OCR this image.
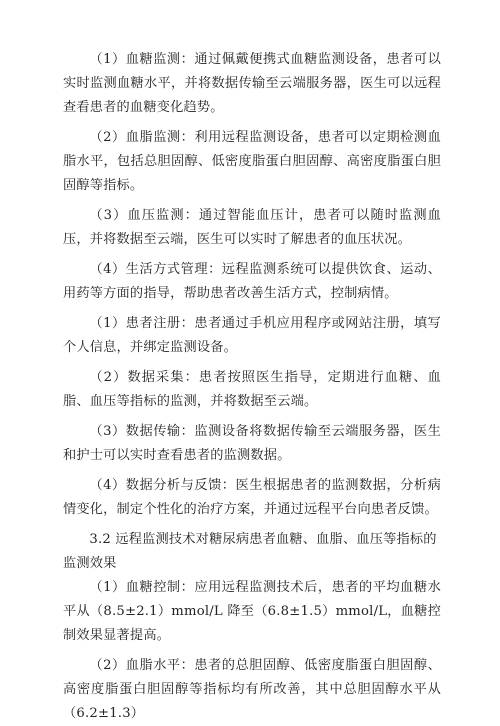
（1）血糖监测：通过佩戴便携式血糖监测设备，患者可以实时监测血糖水平，并将数据传输至云端服务器，医生可以远程查看患者的血糖变化趋势。

（2）血脂监测：利用远程监测设备，患者可以定期检测血脂水平，包括总胆固醇、低密度脂蛋白胆固醇、高密度脂蛋白胆固醇等指标。

（3）血压监测：通过智能血压计，患者可以随时监测血压，并将数据至云端，医生可以实时了解患者的血压状况。

（4）生活方式管理：远程监测系统可以提供饮食、运动、用药等方面的指导，帮助患者改善生活方式，控制病情。

（1）患者注册：患者通过手机应用程序或网站注册，填写个人信息，并绑定监测设备。

（2）数据采集：患者按照医生指导，定期进行血糖、血脂、血压等指标的监测，并将数据至云端。

（3）数据传输：监测设备将数据传输至云端服务器，医生和护士可以实时查看患者的监测数据。

（4）数据分析与反馈：医生根据患者的监测数据，分析病情变化，制定个性化的治疗方案，并通过远程平台向患者反馈。

3.2 远程监测技术对糖尿病患者血糖、血脂、血压等指标的监测效果

（1）血糖控制：应用远程监测技术后，患者的平均血糖水平从（8.5±2.1）mmol/L 降至（6.8±1.5）mmol/L，血糖控制效果显著提高。

（2）血脂水平：患者的总胆固醇、低密度脂蛋白胆固醇、高密度脂蛋白胆固醇等指标均有所改善，其中总胆固醇水平从（6.2±1.3）
